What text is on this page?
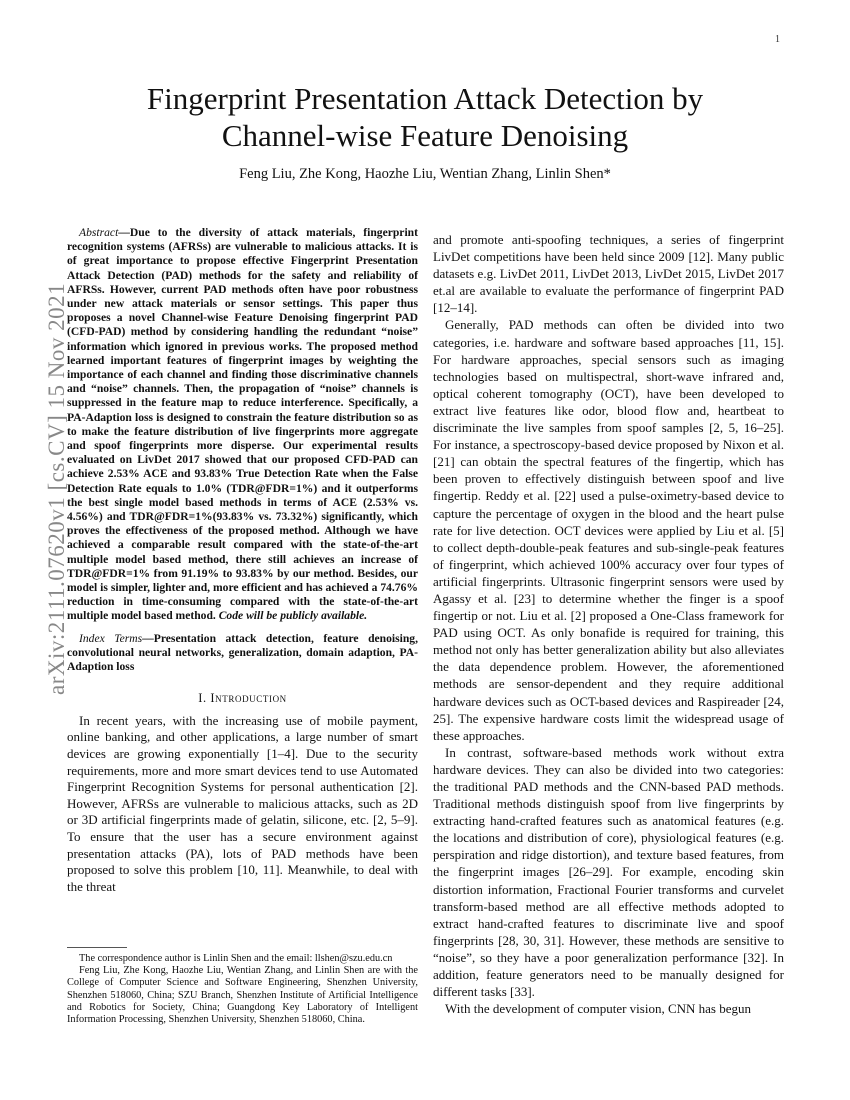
1
arXiv:2111.07620v1 [cs.CV] 15 Nov 2021
Fingerprint Presentation Attack Detection by
Channel-wise Feature Denoising
Feng Liu, Zhe Kong, Haozhe Liu, Wentian Zhang, Linlin Shen*

Abstract—Due to the diversity of attack materials, fingerprint recognition systems (AFRSs) are vulnerable to malicious attacks. It is of great importance to propose effective Fingerprint Presentation Attack Detection (PAD) methods for the safety and reliability of AFRSs. However, current PAD methods often have poor robustness under new attack materials or sensor settings. This paper thus proposes a novel Channel-wise Feature Denoising fingerprint PAD (CFD-PAD) method by considering handling the redundant “noise” information which ignored in previous works. The proposed method learned important features of fingerprint images by weighting the importance of each channel and finding those discriminative channels and “noise” channels. Then, the propagation of “noise” channels is suppressed in the feature map to reduce interference. Specifically, a PA-Adaption loss is designed to constrain the feature distribution so as to make the feature distribution of live fingerprints more aggregate and spoof fingerprints more disperse. Our experimental results evaluated on LivDet 2017 showed that our proposed CFD-PAD can achieve 2.53% ACE and 93.83% True Detection Rate when the False Detection Rate equals to 1.0% (TDR@FDR=1%) and it outperforms the best single model based methods in terms of ACE (2.53% vs. 4.56%) and TDR@FDR=1%(93.83% vs. 73.32%) significantly, which proves the effectiveness of the proposed method. Although we have achieved a comparable result compared with the state-of-the-art multiple model based method, there still achieves an increase of TDR@FDR=1% from 91.19% to 93.83% by our method. Besides, our model is simpler, lighter and, more efficient and has achieved a 74.76% reduction in time-consuming compared with the state-of-the-art multiple model based method. Code will be publicly available.

Index Terms—Presentation attack detection, feature denoising, convolutional neural networks, generalization, domain adaption, PA-Adaption loss

I. Introduction

In recent years, with the increasing use of mobile payment, online banking, and other applications, a large number of smart devices are growing exponentially [1–4]. Due to the security requirements, more and more smart devices tend to use Automated Fingerprint Recognition Systems for personal authentication [2]. However, AFRSs are vulnerable to malicious attacks, such as 2D or 3D artificial fingerprints made of gelatin, silicone, etc. [2, 5–9]. To ensure that the user has a secure environment against presentation attacks (PA), lots of PAD methods have been proposed to solve this problem [10, 11]. Meanwhile, to deal with the threat

The correspondence author is Linlin Shen and the email: llshen@szu.edu.cn

Feng Liu, Zhe Kong, Haozhe Liu, Wentian Zhang, and Linlin Shen are with the College of Computer Science and Software Engineering, Shenzhen University, Shenzhen 518060, China; SZU Branch, Shenzhen Institute of Artificial Intelligence and Robotics for Society, China; Guangdong Key Laboratory of Intelligent Information Processing, Shenzhen University, Shenzhen 518060, China.

and promote anti-spoofing techniques, a series of fingerprint LivDet competitions have been held since 2009 [12]. Many public datasets e.g. LivDet 2011, LivDet 2013, LivDet 2015, LivDet 2017 et.al are available to evaluate the performance of fingerprint PAD [12–14].

Generally, PAD methods can often be divided into two categories, i.e. hardware and software based approaches [11, 15]. For hardware approaches, special sensors such as imaging technologies based on multispectral, short-wave infrared and, optical coherent tomography (OCT), have been developed to extract live features like odor, blood flow and, heartbeat to discriminate the live samples from spoof samples [2, 5, 16–25]. For instance, a spectroscopy-based device proposed by Nixon et al. [21] can obtain the spectral features of the fingertip, which has been proven to effectively distinguish between spoof and live fingertip. Reddy et al. [22] used a pulse-oximetry-based device to capture the percentage of oxygen in the blood and the heart pulse rate for live detection. OCT devices were applied by Liu et al. [5] to collect depth-double-peak features and sub-single-peak features of fingerprint, which achieved 100% accuracy over four types of artificial fingerprints. Ultrasonic fingerprint sensors were used by Agassy et al. [23] to determine whether the finger is a spoof fingertip or not. Liu et al. [2] proposed a One-Class framework for PAD using OCT. As only bonafide is required for training, this method not only has better generalization ability but also alleviates the data dependence problem. However, the aforementioned methods are sensor-dependent and they require additional hardware devices such as OCT-based devices and Raspireader [24, 25]. The expensive hardware costs limit the widespread usage of these approaches.

In contrast, software-based methods work without extra hardware devices. They can also be divided into two categories: the traditional PAD methods and the CNN-based PAD methods. Traditional methods distinguish spoof from live fingerprints by extracting hand-crafted features such as anatomical features (e.g. the locations and distribution of core), physiological features (e.g. perspiration and ridge distortion), and texture based features, from the fingerprint images [26–29]. For example, encoding skin distortion information, Fractional Fourier transforms and curvelet transform-based method are all effective methods adopted to extract hand-crafted features to discriminate live and spoof fingerprints [28, 30, 31]. However, these methods are sensitive to “noise”, so they have a poor generalization performance [32]. In addition, feature generators need to be manually designed for different tasks [33].

With the development of computer vision, CNN has begun
